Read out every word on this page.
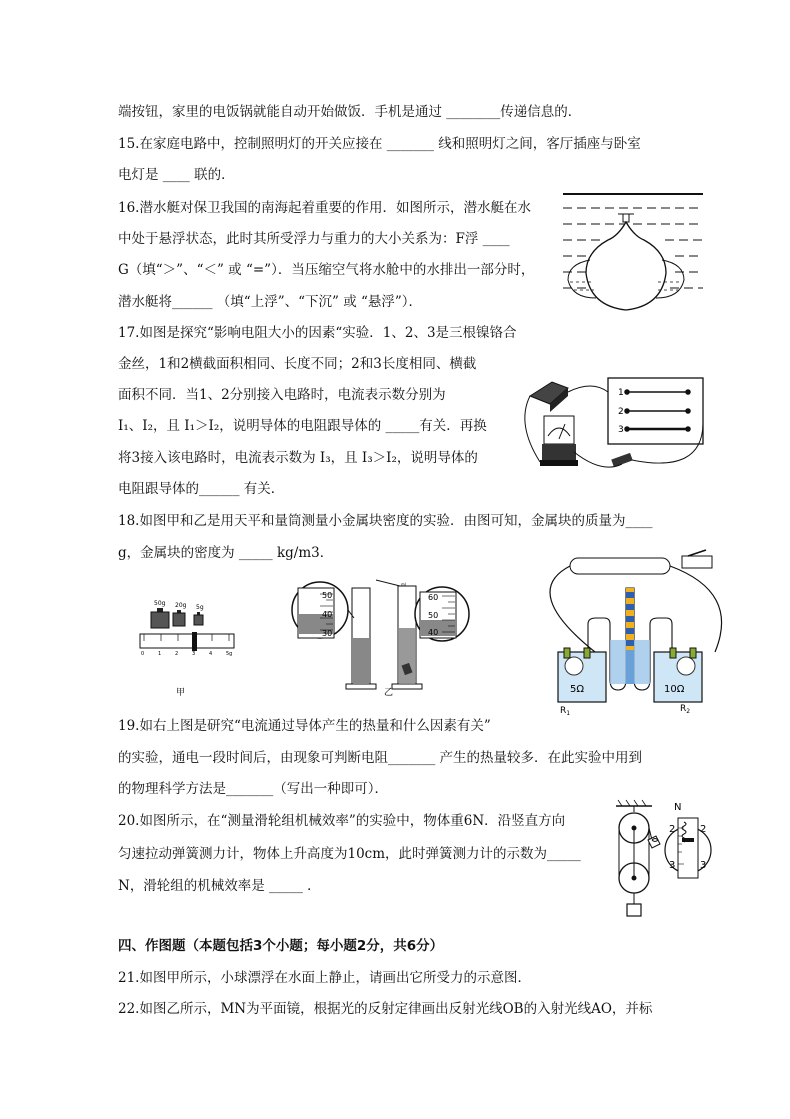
端按钮，家里的电饭锅就能自动开始做饭．手机是通过 ________传递信息的．
15.在家庭电路中，控制照明灯的开关应接在 _______ 线和照明灯之间，客厅插座与卧室
电灯是 ____ 联的．
16.潜水艇对保卫我国的南海起着重要的作用．如图所示，潜水艇在水
中处于悬浮状态，此时其所受浮力与重力的大小关系为：F浮 ____
G（填“＞”、“＜” 或 “=”）．当压缩空气将水舱中的水排出一部分时，
潜水艇将______ （填“上浮”、“下沉” 或 “悬浮”）．
17.如图是探究“影响电阻大小的因素“实验．1、2、3是三根镍铬合
金丝，1和2横截面积相同、长度不同；2和3长度相同、横截
面积不同．当1、2分别接入电路时，电流表示数分别为
I₁、I₂，且 I₁＞I₂，说明导体的电阻跟导体的 _____有关．再换
将3接入该电路时，电流表示数为 I₃，且 I₃＞I₂，说明导体的
电阻跟导体的______ 有关．
18.如图甲和乙是用天平和量筒测量小金属块密度的实验．由图可知，金属块的质量为____
g，金属块的密度为 _____ kg/m3．
19.如右上图是研究“电流通过导体产生的热量和什么因素有关”
的实验，通电一段时间后，由现象可判断电阻_______ 产生的热量较多．在此实验中用到
的物理科学方法是_______（写出一种即可）．
20.如图所示，在“测量滑轮组机械效率”的实验中，物体重6N．沿竖直方向
匀速拉动弹簧测力计，物体上升高度为10cm，此时弹簧测力计的示数为_____
N，滑轮组的机械效率是 _____ ．
四、作图题（本题包括3个小题；每小题2分，共6分）
21.如图甲所示，小球漂浮在水面上静止，请画出它所受力的示意图．
22.如图乙所示，MN为平面镜，根据光的反射定律画出反射光线OB的入射光线AO，并标
1
2
3
50g 20g 5g
0	1	2	3	4	5g
甲
50
40
30
ml
60
50
40
乙	5Ω	10Ω
$R_1$	$R_2$
N
2
3
2
3
